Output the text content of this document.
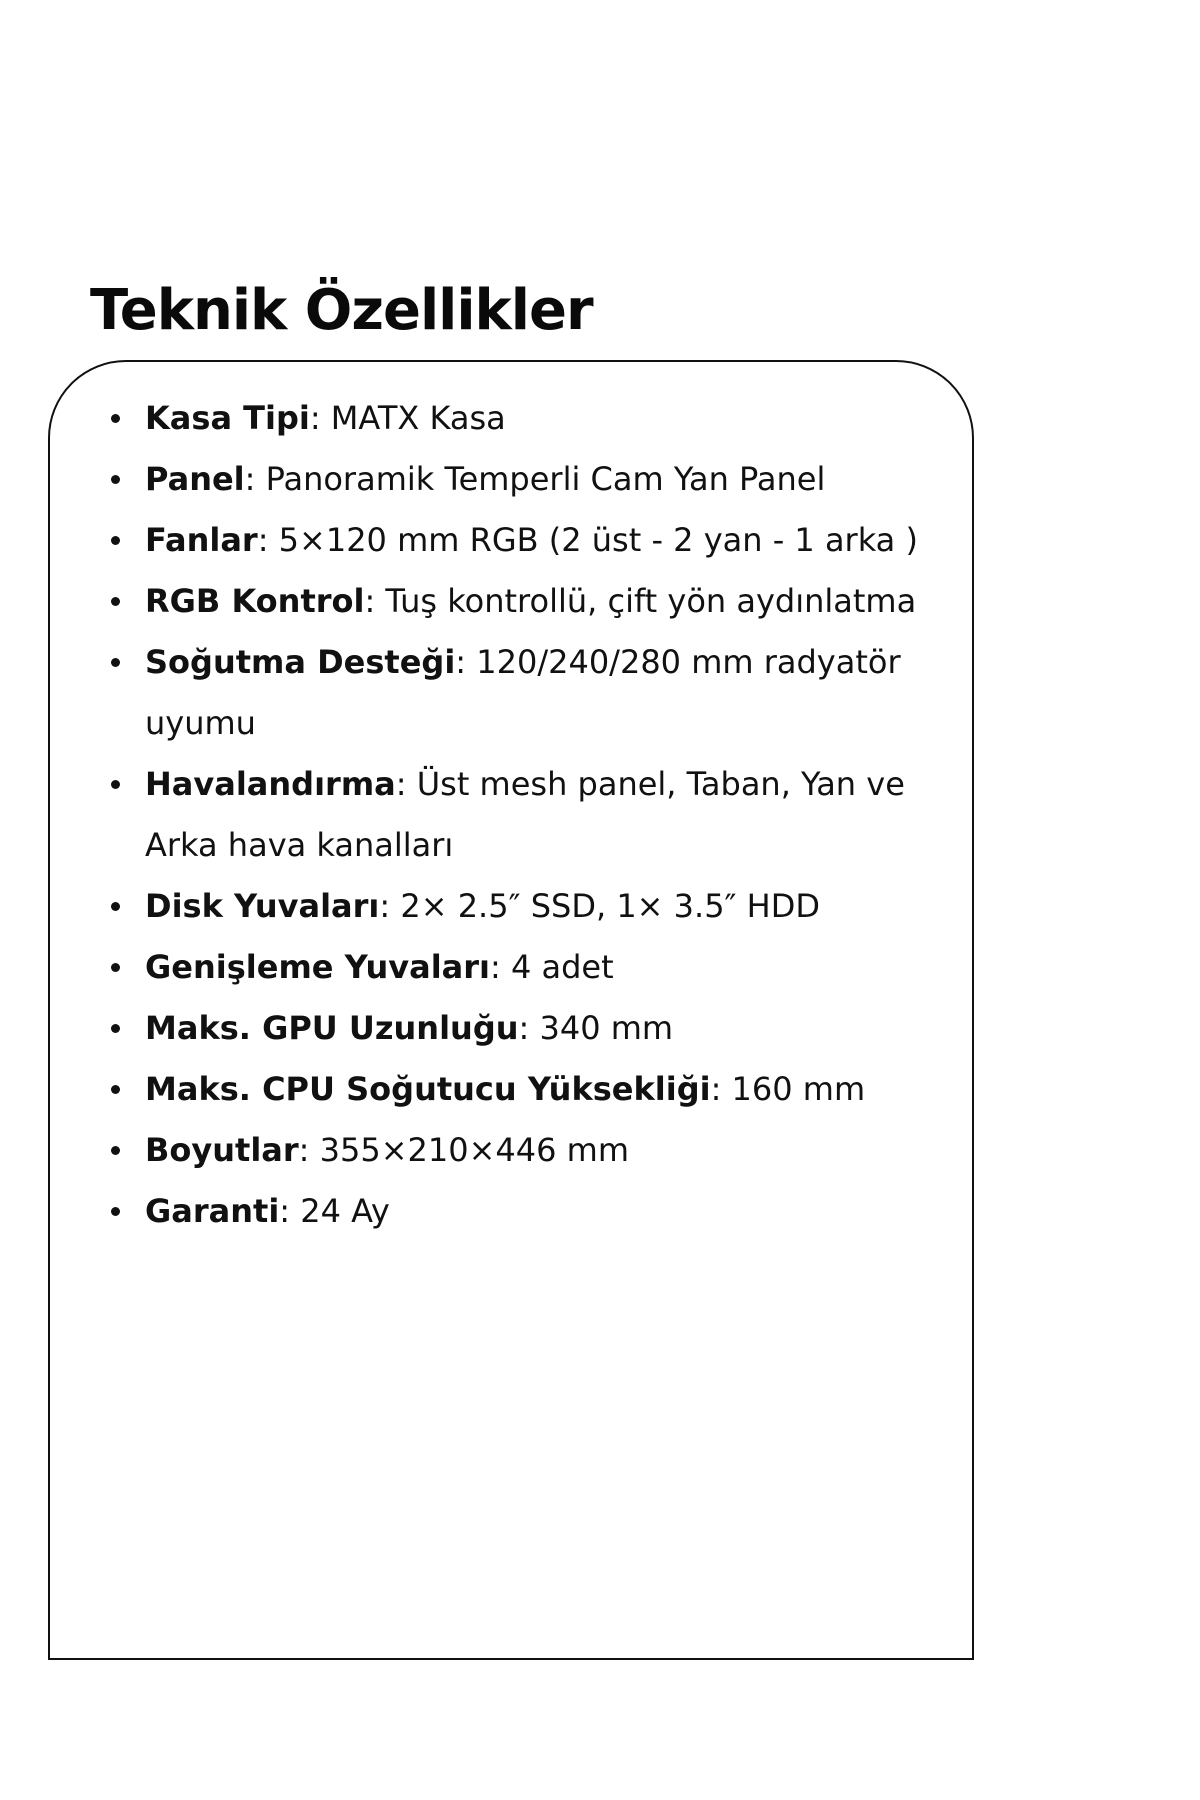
Teknik Özellikler
Kasa Tipi: MATX Kasa
Panel: Panoramik Temperli Cam Yan Panel
Fanlar: 5×120 mm RGB (2 üst - 2 yan - 1 arka )
RGB Kontrol: Tuş kontrollü, çift yön aydınlatma
Soğutma Desteği: 120/240/280 mm radyatör uyumu
Havalandırma: Üst mesh panel, Taban, Yan ve Arka hava kanalları
Disk Yuvaları: 2× 2.5″ SSD, 1× 3.5″ HDD
Genişleme Yuvaları: 4 adet
Maks. GPU Uzunluğu: 340 mm
Maks. CPU Soğutucu Yüksekliği: 160 mm
Boyutlar: 355×210×446 mm
Garanti: 24 Ay
